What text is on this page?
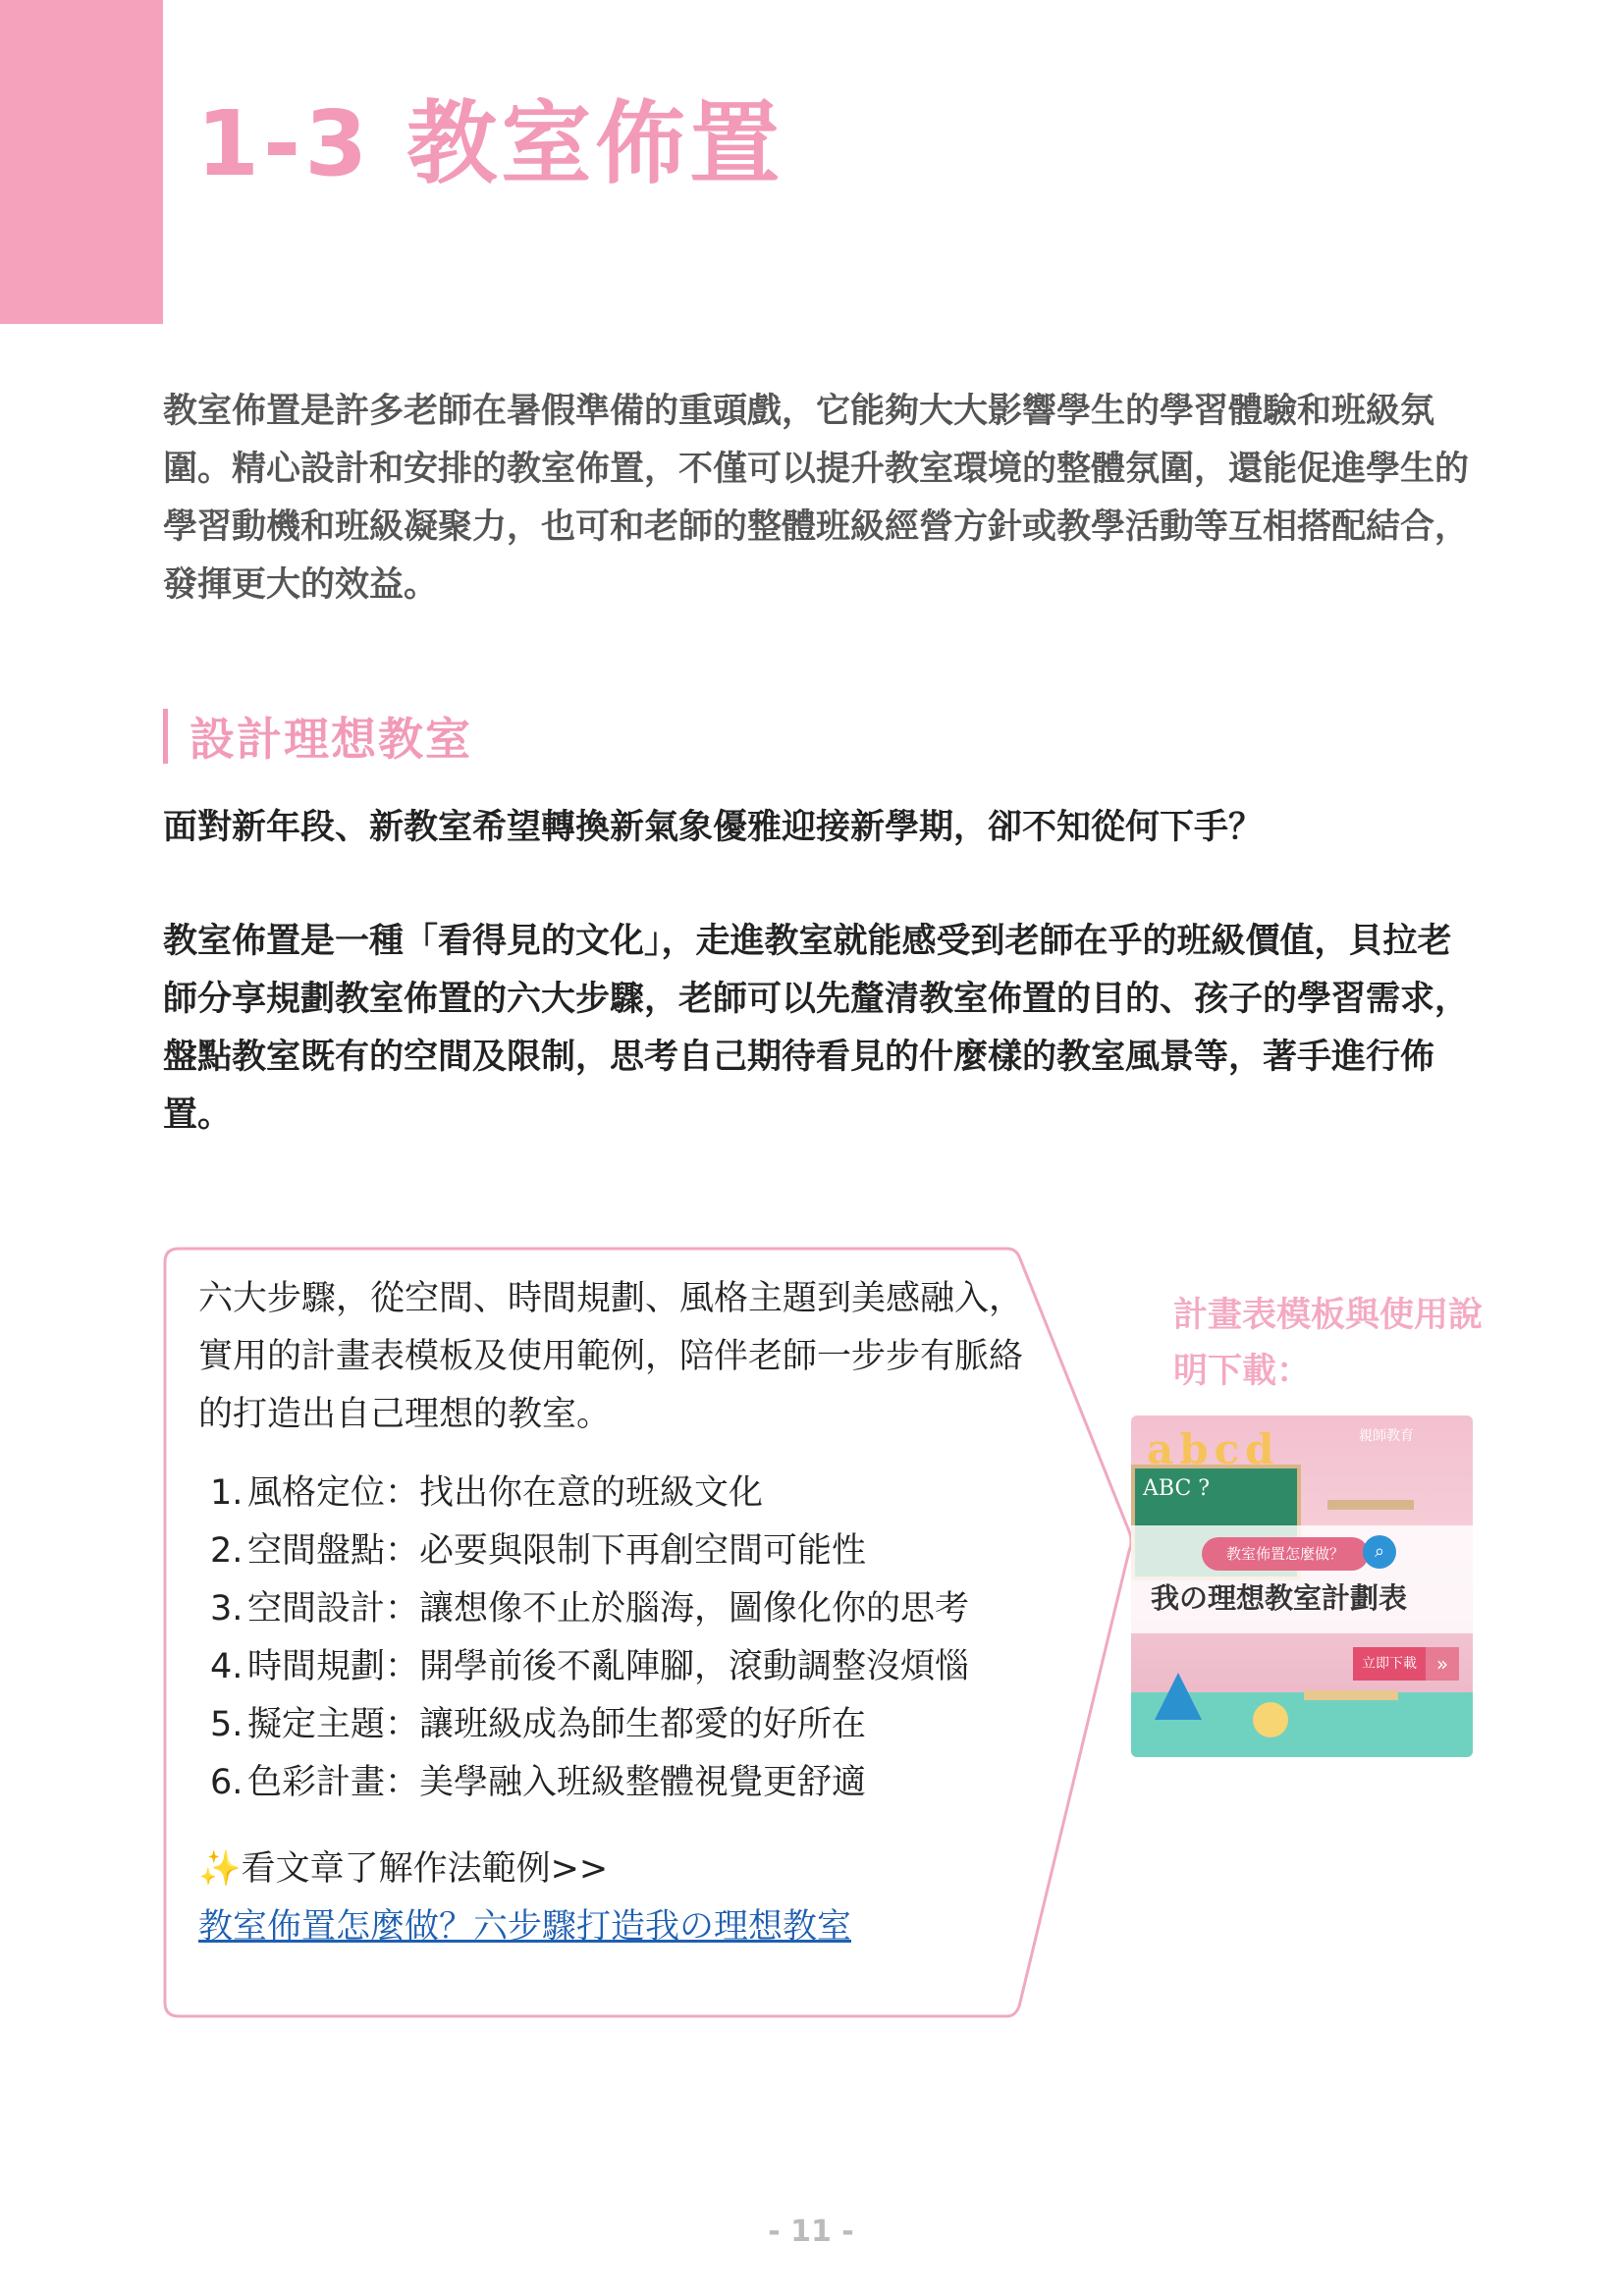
1-3 教室佈置

教室佈置是許多老師在暑假準備的重頭戲，它能夠大大影響學生的學習體驗和班級氛圍。精心設計和安排的教室佈置，不僅可以提升教室環境的整體氛圍，還能促進學生的學習動機和班級凝聚力，也可和老師的整體班級經營方針或教學活動等互相搭配結合，發揮更大的效益。

設計理想教室

面對新年段、新教室希望轉換新氣象優雅迎接新學期，卻不知從何下手？

教室佈置是一種「看得見的文化」，走進教室就能感受到老師在乎的班級價值，貝拉老師分享規劃教室佈置的六大步驟，老師可以先釐清教室佈置的目的、孩子的學習需求，盤點教室既有的空間及限制，思考自己期待看見的什麼樣的教室風景等，著手進行佈置。

六大步驟，從空間、時間規劃、風格主題到美感融入，實用的計畫表模板及使用範例，陪伴老師一步步有脈絡的打造出自己理想的教室。

1. 風格定位：找出你在意的班級文化
2. 空間盤點：必要與限制下再創空間可能性
3. 空間設計：讓想像不止於腦海，圖像化你的思考
4. 時間規劃：開學前後不亂陣腳，滾動調整沒煩惱
5. 擬定主題：讓班級成為師生都愛的好所在
6. 色彩計畫：美學融入班級整體視覺更舒適
✨看文章了解作法範例>>
教室佈置怎麼做？六步驟打造我の理想教室

計畫表模板與使用說明下載：

ABC ?
abcd	親師教育
教室佈置怎麼做？	⌕
我の理想教室計劃表
立即下載 »
- 11 -
